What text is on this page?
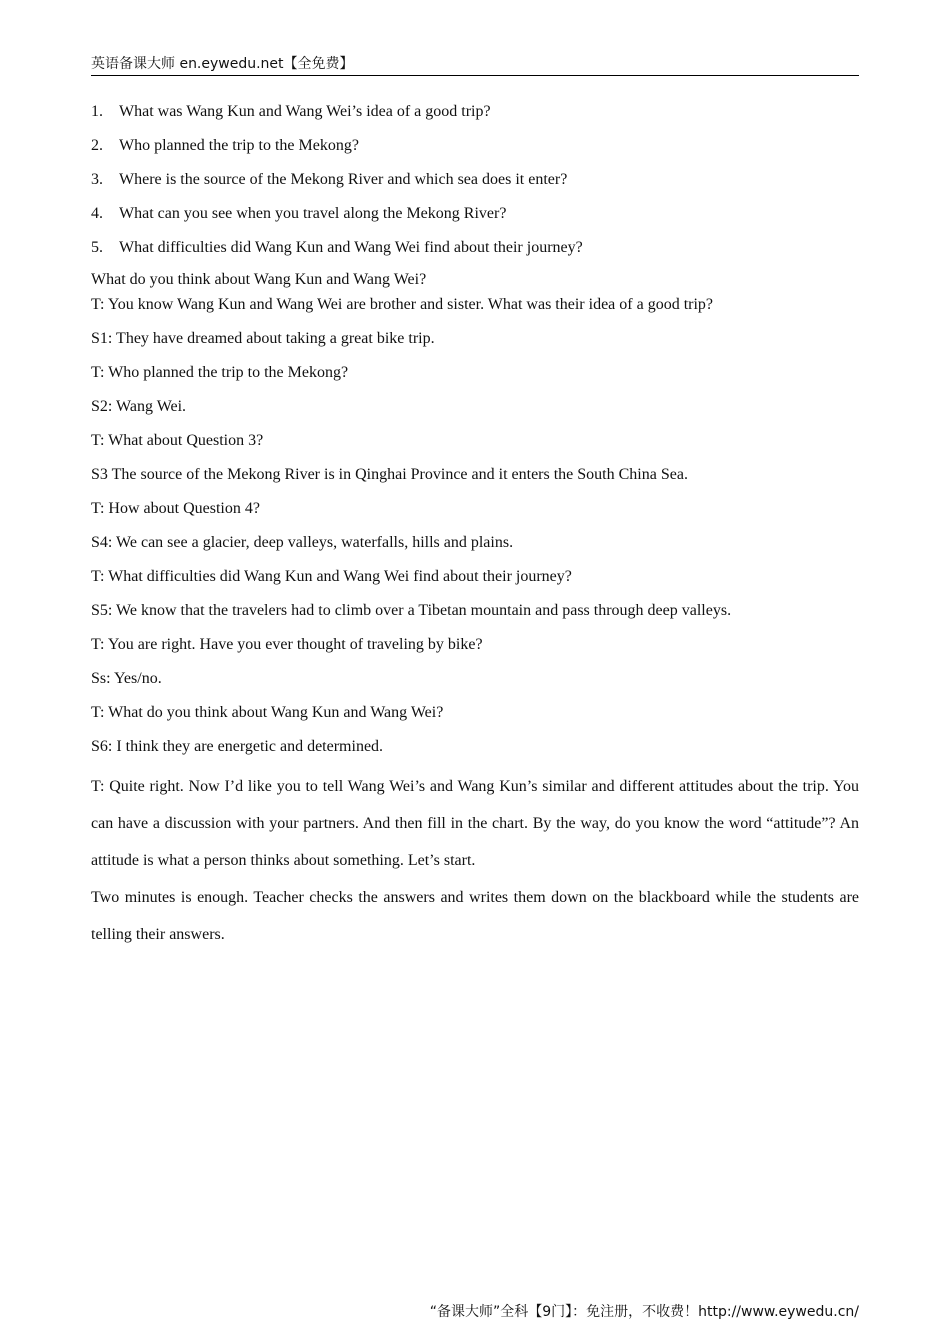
英语备课大师 en.eywedu.net【全免费】
1. What was Wang Kun and Wang Wei’s idea of a good trip?
2. Who planned the trip to the Mekong?
3. Where is the source of the Mekong River and which sea does it enter?
4. What can you see when you travel along the Mekong River?
5. What difficulties did Wang Kun and Wang Wei find about their journey?

What do you think about Wang Kun and Wang Wei?

T: You know Wang Kun and Wang Wei are brother and sister. What was their idea of a good trip?
S1: They have dreamed about taking a great bike trip.
T: Who planned the trip to the Mekong?
S2: Wang Wei.
T: What about Question 3?
S3 The source of the Mekong River is in Qinghai Province and it enters the South China Sea.
T: How about Question 4?
S4: We can see a glacier, deep valleys, waterfalls, hills and plains.
T: What difficulties did Wang Kun and Wang Wei find about their journey?
S5: We know that the travelers had to climb over a Tibetan mountain and pass through deep valleys.
T: You are right. Have you ever thought of traveling by bike?
Ss: Yes/no.
T: What do you think about Wang Kun and Wang Wei?
S6: I think they are energetic and determined.

T: Quite right. Now I’d like you to tell Wang Wei’s and Wang Kun’s similar and different attitudes about the trip. You can have a discussion with your partners. And then fill in the chart. By the way, do you know the word “attitude”? An attitude is what a person thinks about something. Let’s start.

Two minutes is enough. Teacher checks the answers and writes them down on the blackboard while the students are telling their answers.

“备课大师”全科【9门】：免注册，不收费！http://www.eywedu.cn/
